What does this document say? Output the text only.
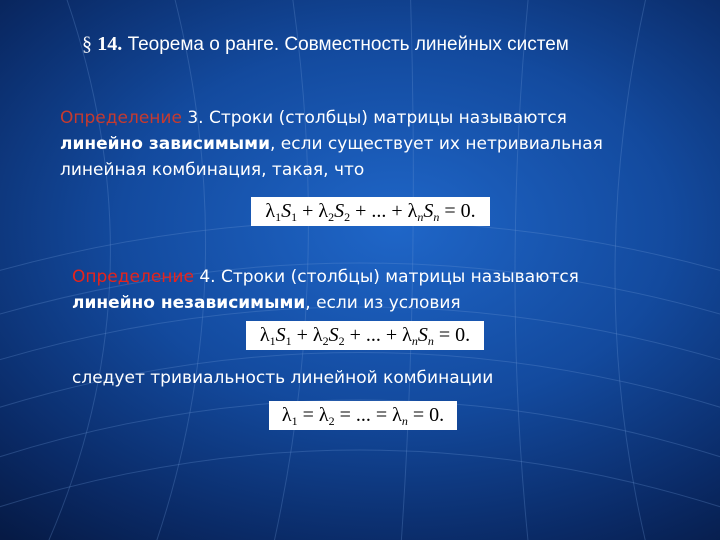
§ 14. Теорема о ранге. Совместность линейных систем

Определение 3. Строки (столбцы) матрицы называются
линейно зависимыми, если существует их нетривиальная
линейная комбинация, такая, что

$\lambda_1S_1 + \lambda_2S_2$ + ... + $\lambda_nS_n = 0$.

Определение 4. Строки (столбцы) матрицы называются
линейно независимыми, если из условия

$\lambda_1S_1 + \lambda_2S_2$ + ... + $\lambda_nS_n = 0$.

следует тривиальность линейной комбинации

$\lambda_1 = \lambda_2$ = ... = $\lambda_n = 0$.
